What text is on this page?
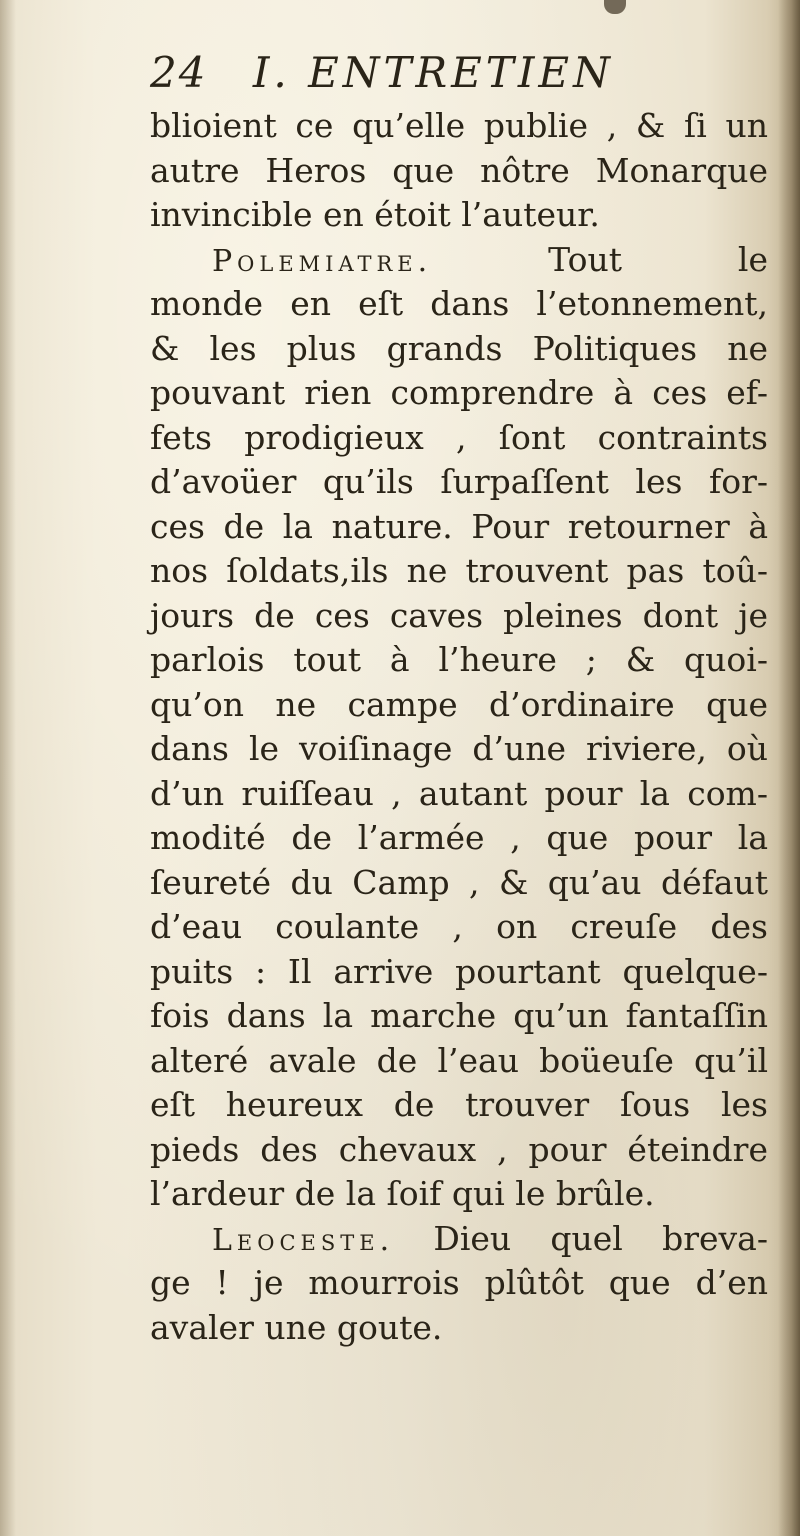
24 I. ENTRETIEN
blioient ce qu’elle publie , & ſi un
autre Heros que nôtre Monarque
invincible en étoit l’auteur.
Polemiatre.	Tout le
monde en eſt dans l’etonnement,
& les plus grands Politiques ne
pouvant rien comprendre à ces ef-
fets prodigieux , ſont contraints
d’avoüer qu’ils ſurpaſſent les for-
ces de la nature. Pour retourner à
nos ſoldats,ils ne trouvent pas toû-
jours de ces caves pleines dont je
parlois tout à l’heure ; & quoi-
qu’on ne campe d’ordinaire que
dans le voiſinage d’une riviere, où
d’un ruiſſeau , autant pour la com-
modité de l’armée , que pour la
ſeureté du Camp , & qu’au défaut
d’eau coulante , on creuſe des
puits : Il arrive pourtant quelque-
fois dans la marche qu’un fantaſſin
alteré avale de l’eau boüeuſe qu’il
eſt heureux de trouver ſous les
pieds des chevaux , pour éteindre
l’ardeur de la ſoif qui le brûle.
Leoceste. Dieu quel breva-
ge ! je mourrois plûtôt que d’en
avaler une goute.
